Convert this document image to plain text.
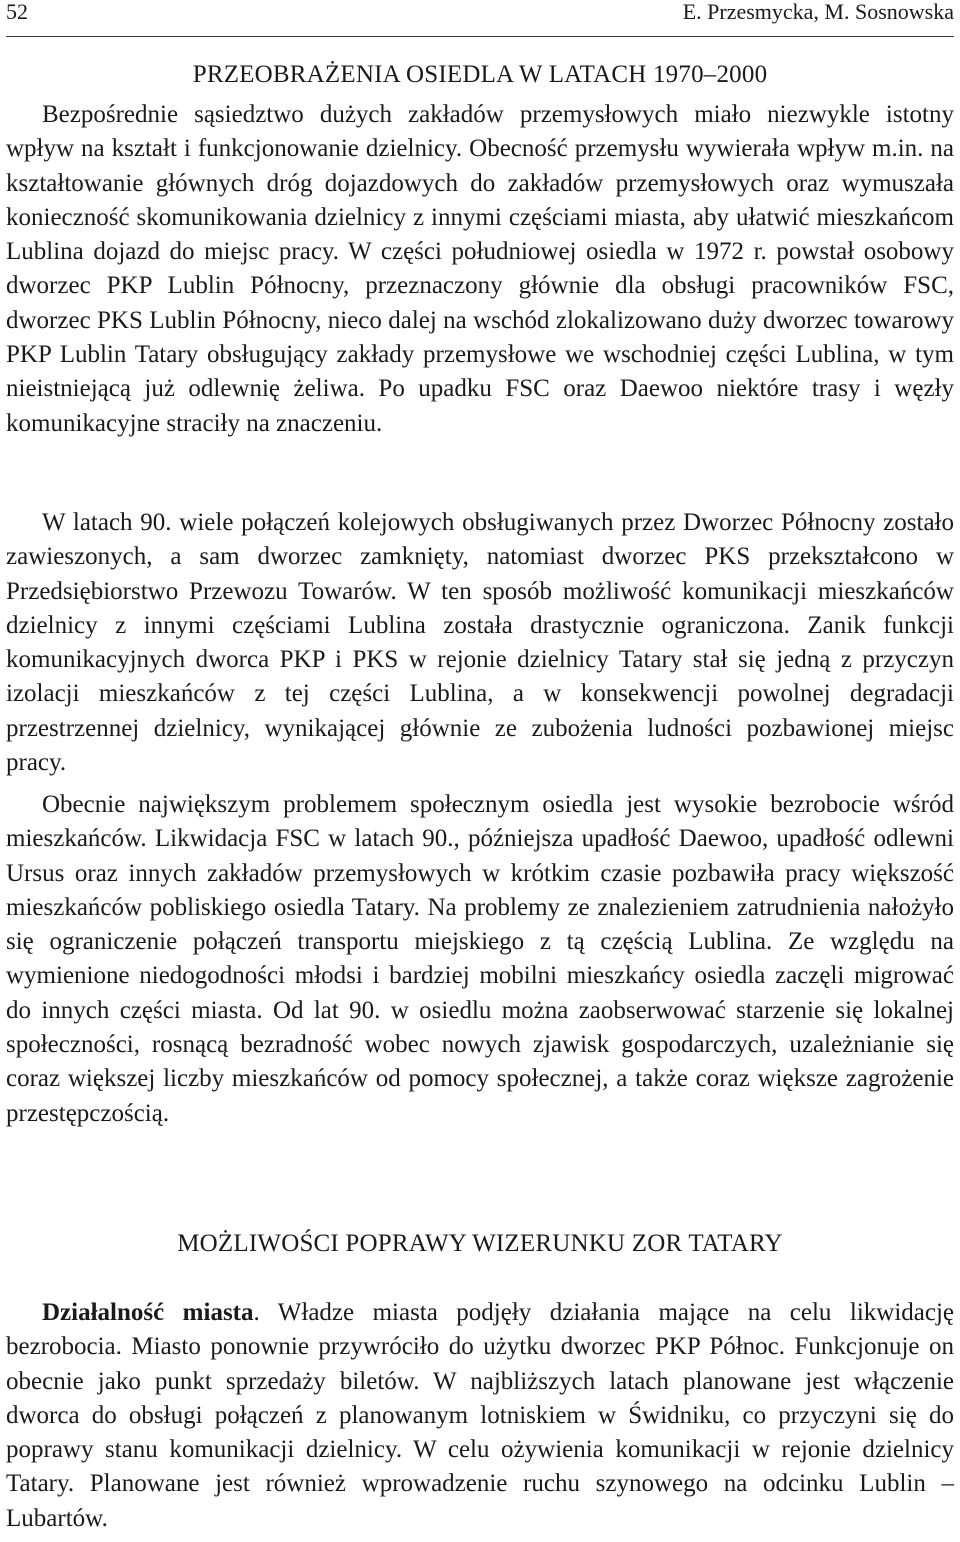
52	E. Przesmycka, M. Sosnowska
PRZEOBRAŻENIA OSIEDLA W LATACH 1970–2000

Bezpośrednie sąsiedztwo dużych zakładów przemysłowych miało niezwykle istotny wpływ na kształt i funkcjonowanie dzielnicy. Obecność przemysłu wywierała wpływ m.in. na kształtowanie głównych dróg dojazdowych do zakładów przemysłowych oraz wymuszała konieczność skomunikowania dzielnicy z innymi częściami miasta, aby ułatwić mieszkańcom Lublina dojazd do miejsc pracy. W części południowej osiedla w 1972 r. powstał osobowy dworzec PKP Lublin Północny, przeznaczony głównie dla obsługi pracowników FSC, dworzec PKS Lublin Północny, nieco dalej na wschód zlokalizowano duży dworzec towarowy PKP Lublin Tatary obsługujący zakłady przemysłowe we wschodniej części Lublina, w tym nieistniejącą już odlewnię żeliwa. Po upadku FSC oraz Daewoo niektóre trasy i węzły komunikacyjne straciły na znaczeniu.

W latach 90. wiele połączeń kolejowych obsługiwanych przez Dworzec Północny zostało zawieszonych, a sam dworzec zamknięty, natomiast dworzec PKS przekształcono w Przedsiębiorstwo Przewozu Towarów. W ten sposób możliwość komunikacji mieszkańców dzielnicy z innymi częściami Lublina została drastycznie ograniczona. Zanik funkcji komunikacyjnych dworca PKP i PKS w rejonie dzielnicy Tatary stał się jedną z przyczyn izolacji mieszkańców z tej części Lublina, a w konsekwencji powolnej degradacji przestrzennej dzielnicy, wynikającej głównie ze zubożenia ludności pozbawionej miejsc pracy.

Obecnie największym problemem społecznym osiedla jest wysokie bezrobocie wśród mieszkańców. Likwidacja FSC w latach 90., późniejsza upadłość Daewoo, upadłość odlewni Ursus oraz innych zakładów przemysłowych w krótkim czasie pozbawiła pracy większość mieszkańców pobliskiego osiedla Tatary. Na problemy ze znalezieniem zatrudnienia nałożyło się ograniczenie połączeń transportu miejskiego z tą częścią Lublina. Ze względu na wymienione niedogodności młodsi i bardziej mobilni mieszkańcy osiedla zaczęli migrować do innych części miasta. Od lat 90. w osiedlu można zaobserwować starzenie się lokalnej społeczności, rosnącą bezradność wobec nowych zjawisk gospodarczych, uzależnianie się coraz większej liczby mieszkańców od pomocy społecznej, a także coraz większe zagrożenie przestępczością.

MOŻLIWOŚCI POPRAWY WIZERUNKU ZOR TATARY

Działalność miasta. Władze miasta podjęły działania mające na celu likwidację bezrobocia. Miasto ponownie przywróciło do użytku dworzec PKP Północ. Funkcjonuje on obecnie jako punkt sprzedaży biletów. W najbliższych latach planowane jest włączenie dworca do obsługi połączeń z planowanym lotniskiem w Świdniku, co przyczyni się do poprawy stanu komunikacji dzielnicy. W celu ożywienia komunikacji w rejonie dzielnicy Tatary. Planowane jest również wprowadzenie ruchu szynowego na odcinku Lublin – Lubartów.
